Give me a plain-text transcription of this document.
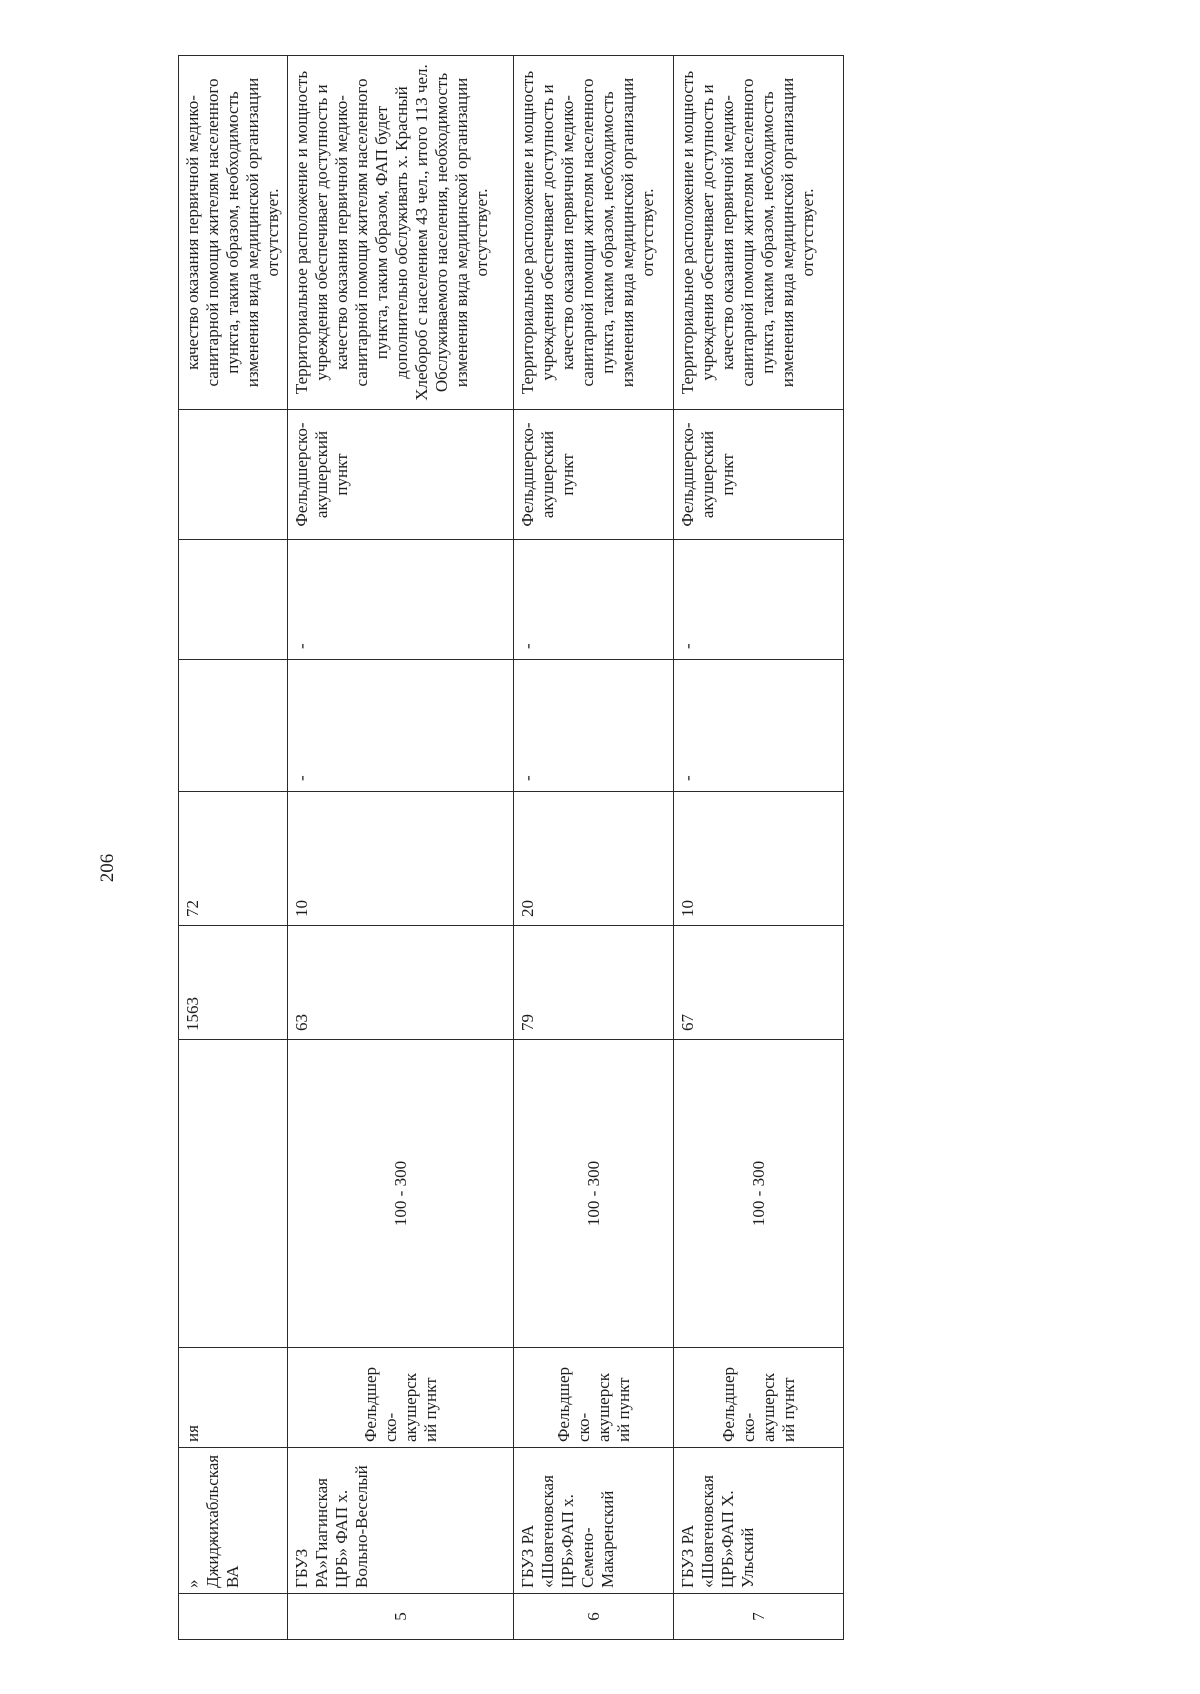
206
	» Джиджихабльская ВА	ия		1563	72				качество оказания первичной медико-санитарной помощи жителям населенного пункта, таким образом, необходимость изменения вида медицинской организации отсутствует.
5	ГБУЗ РА»Гиагинская ЦРБ» ФАП х. Вольно-Веселый	Фельдшер ско-акушерск ий пункт	100 - 300	63	10	-	-	Фельдшерско-акушерский пункт	Территориальное расположение и мощность учреждения обеспечивает доступность и качество оказания первичной медико-санитарной помощи жителям населенного пункта, таким образом, ФАП будет дополнительно обслуживать х. Красный Хлебороб с населением 43 чел., итого 113 чел. Обслуживаемого населения, необходимость изменения вида медицинской организации отсутствует.
6	ГБУЗ РА «Шовгеновская ЦРБ»ФАП х. Семено-Макаренский	Фельдшер ско-акушерск ий пункт	100 - 300	79	20	-	-	Фельдшерско-акушерский пункт	Территориальное расположение и мощность учреждения обеспечивает доступность и качество оказания первичной медико-санитарной помощи жителям населенного пункта, таким образом, необходимость изменения вида медицинской организации отсутствует.
7	ГБУЗ РА «Шовгеновская ЦРБ»ФАП Х. Ульский	Фельдшер ско-акушерск ий пункт	100 - 300	67	10	-	-	Фельдшерско-акушерский пункт	Территориальное расположение и мощность учреждения обеспечивает доступность и качество оказания первичной медико-санитарной помощи жителям населенного пункта, таким образом, необходимость изменения вида медицинской организации отсутствует.
